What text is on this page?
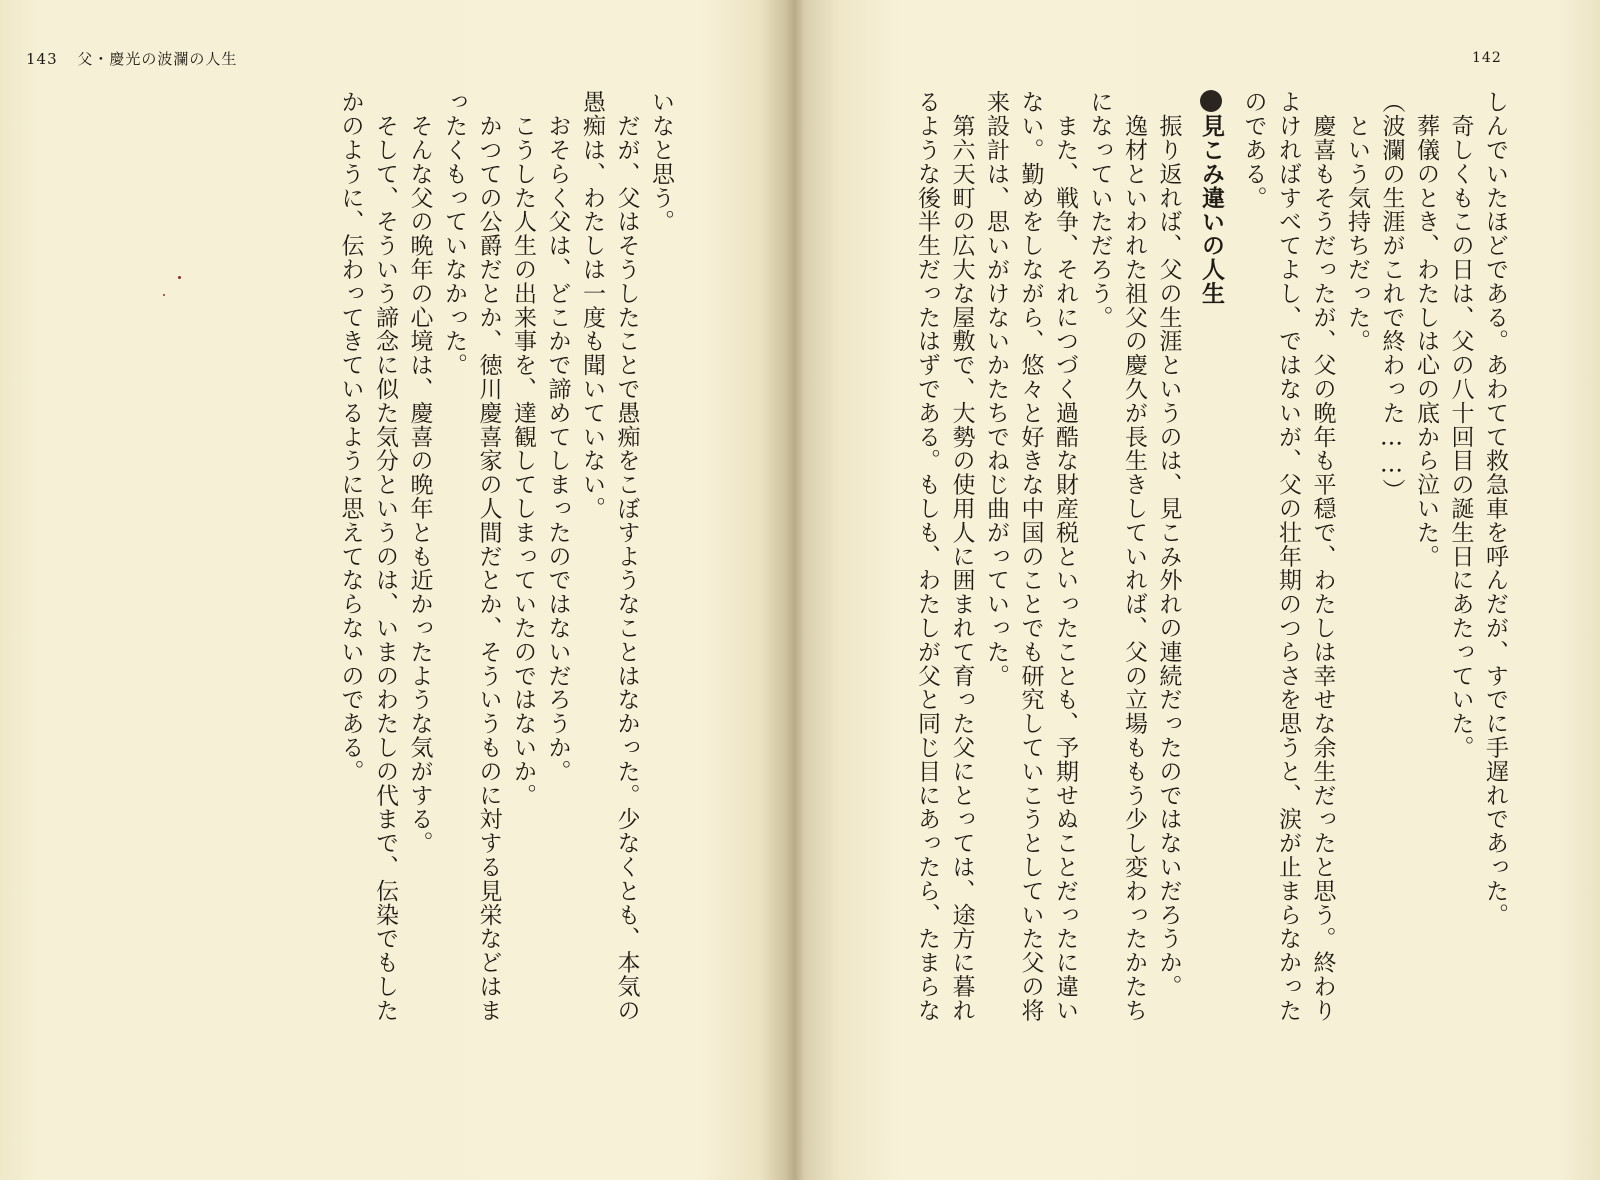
143 父・慶光の波瀾の人生
いなと思う。
　だが、父はそうしたことで愚痴をこぼすようなことはなかった。少なくとも、本気の
愚痴は、わたしは一度も聞いていない。
　おそらく父は、どこかで諦めてしまったのではないだろうか。
　こうした人生の出来事を、達観してしまっていたのではないか。
　かつての公爵だとか、徳川慶喜家の人間だとか、そういうものに対する見栄などはま
ったくもっていなかった。
　そんな父の晩年の心境は、慶喜の晩年とも近かったような気がする。
　そして、そういう諦念に似た気分というのは、いまのわたしの代まで、伝染でもした
かのように、伝わってきているように思えてならないのである。
142
しんでいたほどである。あわてて救急車を呼んだが、すでに手遅れであった。
　奇しくもこの日は、父の八十回目の誕生日にあたっていた。
　葬儀のとき、わたしは心の底から泣いた。
（波瀾の生涯がこれで終わった……）
　という気持ちだった。
　慶喜もそうだったが、父の晩年も平穏で、わたしは幸せな余生だったと思う。終わり
よければすべてよし、ではないが、父の壮年期のつらさを思うと、涙が止まらなかった
のである。
見こみ違いの人生
　振り返れば、父の生涯というのは、見こみ外れの連続だったのではないだろうか。
　逸材といわれた祖父の慶久が長生きしていれば、父の立場ももう少し変わったかたち
になっていただろう。
　また、戦争、それにつづく過酷な財産税といったことも、予期せぬことだったに違い
ない。勤めをしながら、悠々と好きな中国のことでも研究していこうとしていた父の将
来設計は、思いがけないかたちでねじ曲がっていった。
　第六天町の広大な屋敷で、大勢の使用人に囲まれて育った父にとっては、途方に暮れ
るような後半生だったはずである。もしも、わたしが父と同じ目にあったら、たまらな
